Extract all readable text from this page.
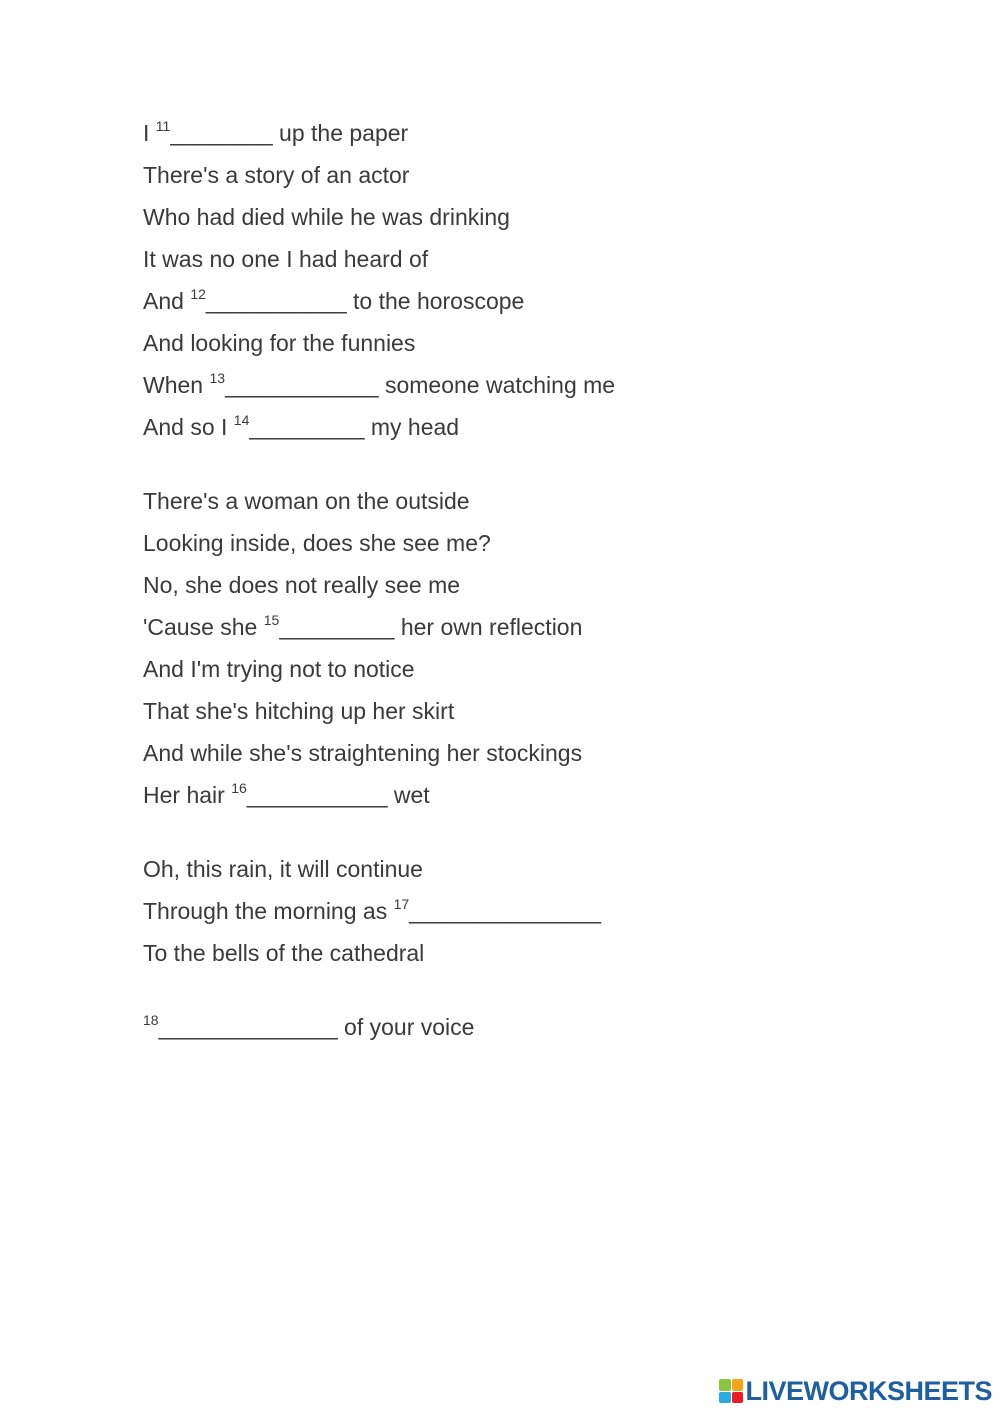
I $^{11}$________ up the paper
There's a story of an actor
Who had died while he was drinking
It was no one I had heard of
And $^{12}$___________ to the horoscope
And looking for the funnies
When $^{13}$____________ someone watching me
And so I $^{14}$_________ my head
There's a woman on the outside
Looking inside, does she see me?
No, she does not really see me
'Cause she $^{15}$_________ her own reflection
And I'm trying not to notice
That she's hitching up her skirt
And while she's straightening her stockings
Her hair $^{16}$___________ wet
Oh, this rain, it will continue
Through the morning as $^{17}$_______________
To the bells of the cathedral
$^{18}$______________ of your voice
LIVEWORKSHEETS
